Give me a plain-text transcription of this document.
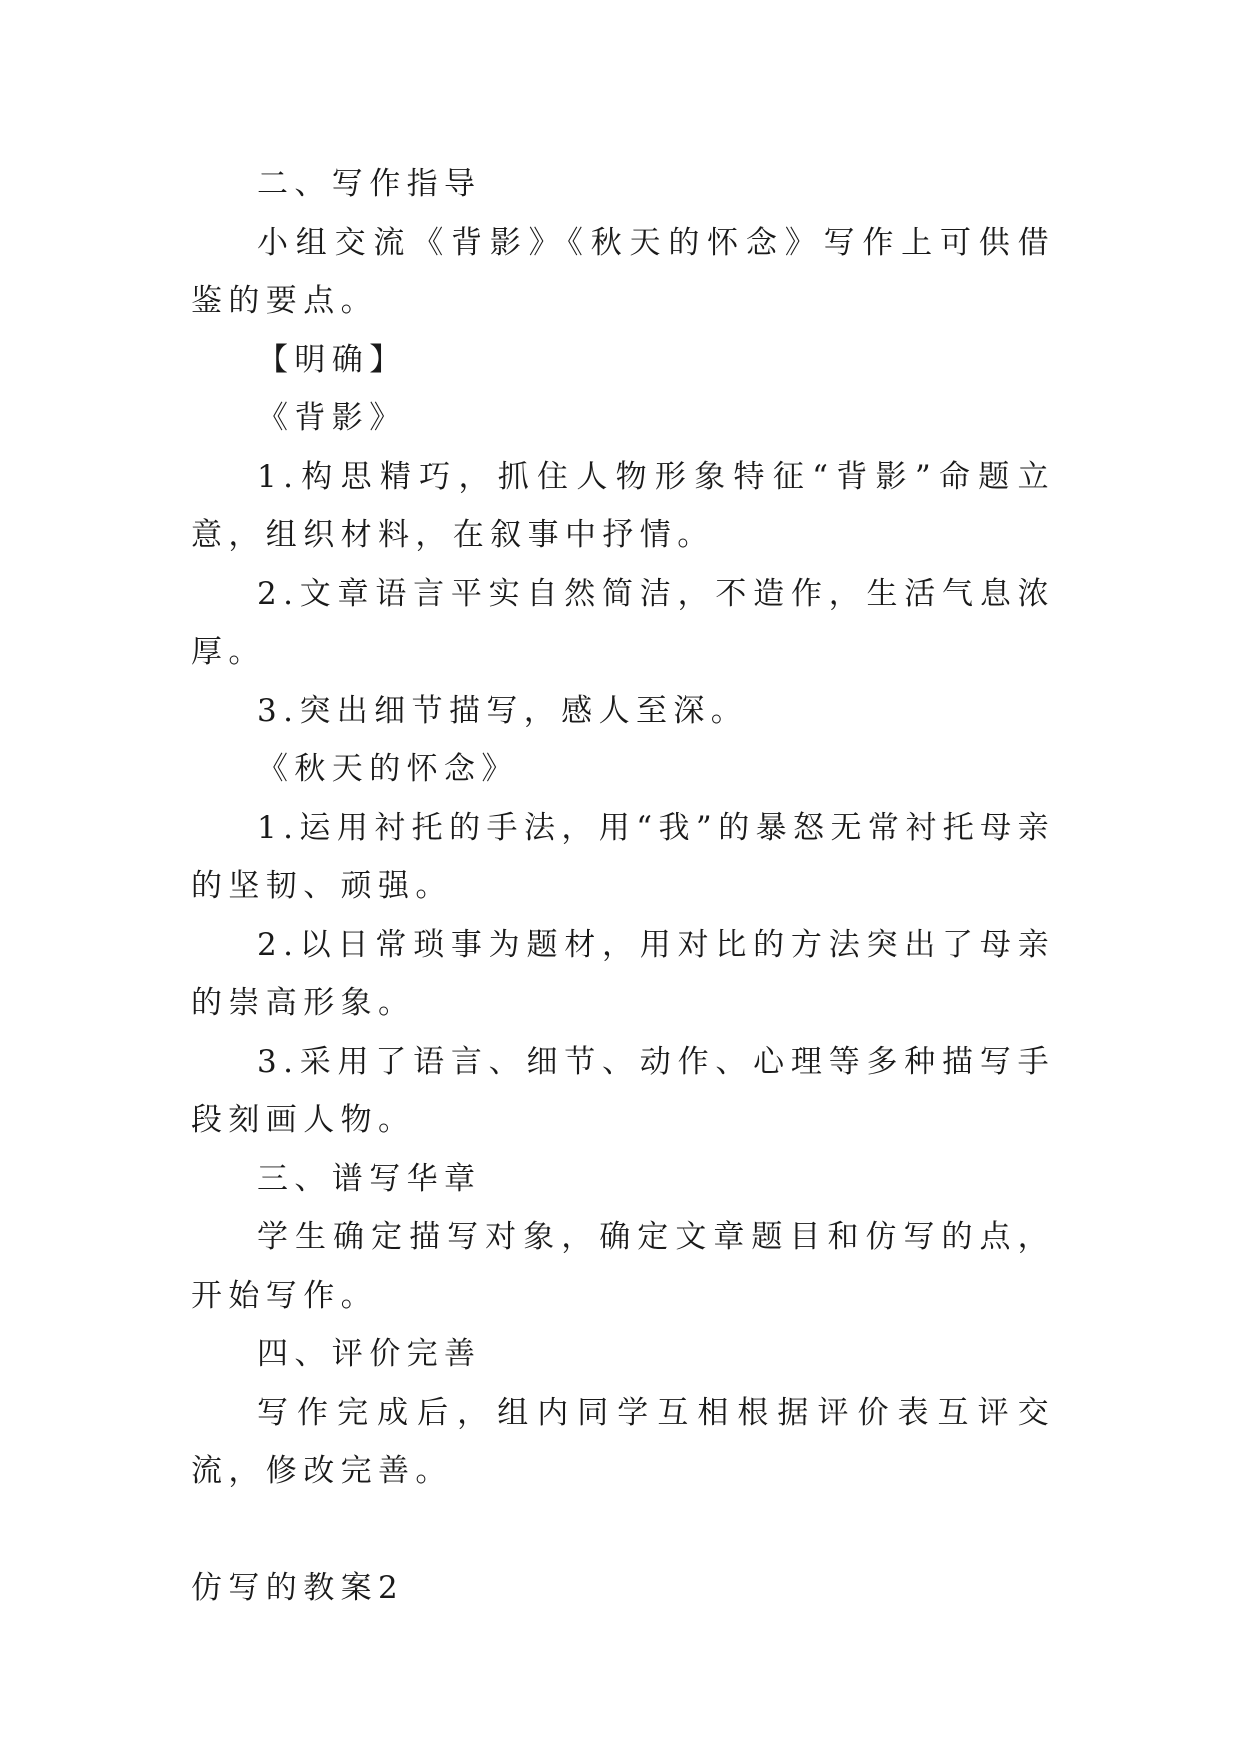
二、写作指导

小组交流《背影》《秋天的怀念》写作上可供借鉴的要点。

【明确】

《背影》

1.构思精巧，抓住人物形象特征“背影”命题立意，组织材料，在叙事中抒情。

2.文章语言平实自然简洁，不造作，生活气息浓厚。

3.突出细节描写，感人至深。

《秋天的怀念》

1.运用衬托的手法，用“我”的暴怒无常衬托母亲的坚韧、顽强。

2.以日常琐事为题材，用对比的方法突出了母亲的崇高形象。

3.采用了语言、细节、动作、心理等多种描写手段刻画人物。

三、谱写华章

学生确定描写对象，确定文章题目和仿写的点，开始写作。

四、评价完善

写作完成后，组内同学互相根据评价表互评交流，修改完善。

仿写的教案2
